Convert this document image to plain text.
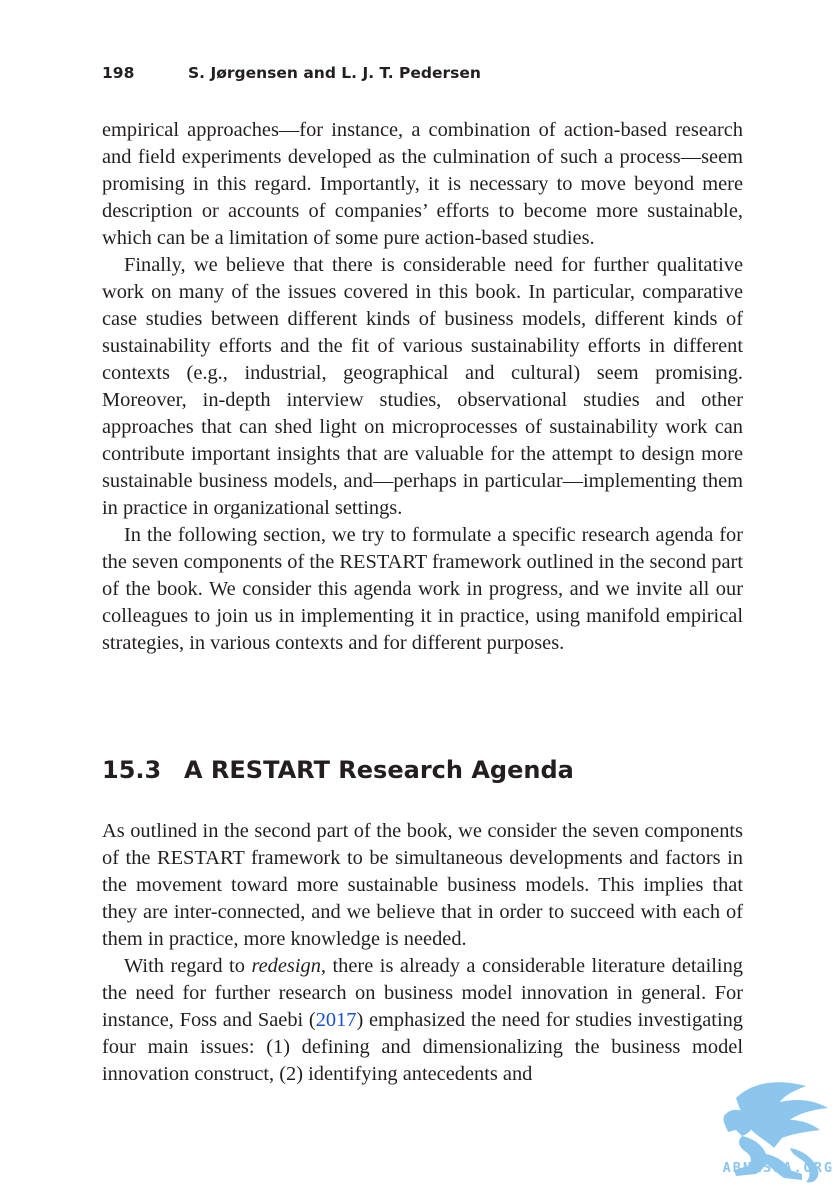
198	S. Jørgensen and L. J. T. Pedersen

empirical approaches—for instance, a combination of action-based research and field experiments developed as the culmination of such a process—seem promising in this regard. Importantly, it is necessary to move beyond mere description or accounts of companies’ efforts to become more sustainable, which can be a limitation of some pure action-based studies.

Finally, we believe that there is considerable need for further qualitative work on many of the issues covered in this book. In particular, comparative case studies between different kinds of business models, different kinds of sustainability efforts and the fit of various sustainability efforts in different contexts (e.g., industrial, geographical and cultural) seem promising. Moreover, in-depth interview studies, observational studies and other approaches that can shed light on microprocesses of sustainability work can contribute important insights that are valuable for the attempt to design more sustainable business models, and—perhaps in particular—implementing them in practice in organizational settings.

In the following section, we try to formulate a specific research agenda for the seven components of the RESTART framework outlined in the second part of the book. We consider this agenda work in progress, and we invite all our colleagues to join us in implementing it in practice, using manifold empirical strategies, in various contexts and for different purposes.

15.3 A RESTART Research Agenda

As outlined in the second part of the book, we consider the seven components of the RESTART framework to be simultaneous developments and factors in the movement toward more sustainable business models. This implies that they are inter-connected, and we believe that in order to succeed with each of them in practice, more knowledge is needed.

With regard to redesign, there is already a considerable literature detailing the need for further research on business model innovation in general. For instance, Foss and Saebi (2017) emphasized the need for studies investigating four main issues: (1) defining and dimensionalizing the business model innovation construct, (2) identifying antecedents and

ABNASIA.ORG
